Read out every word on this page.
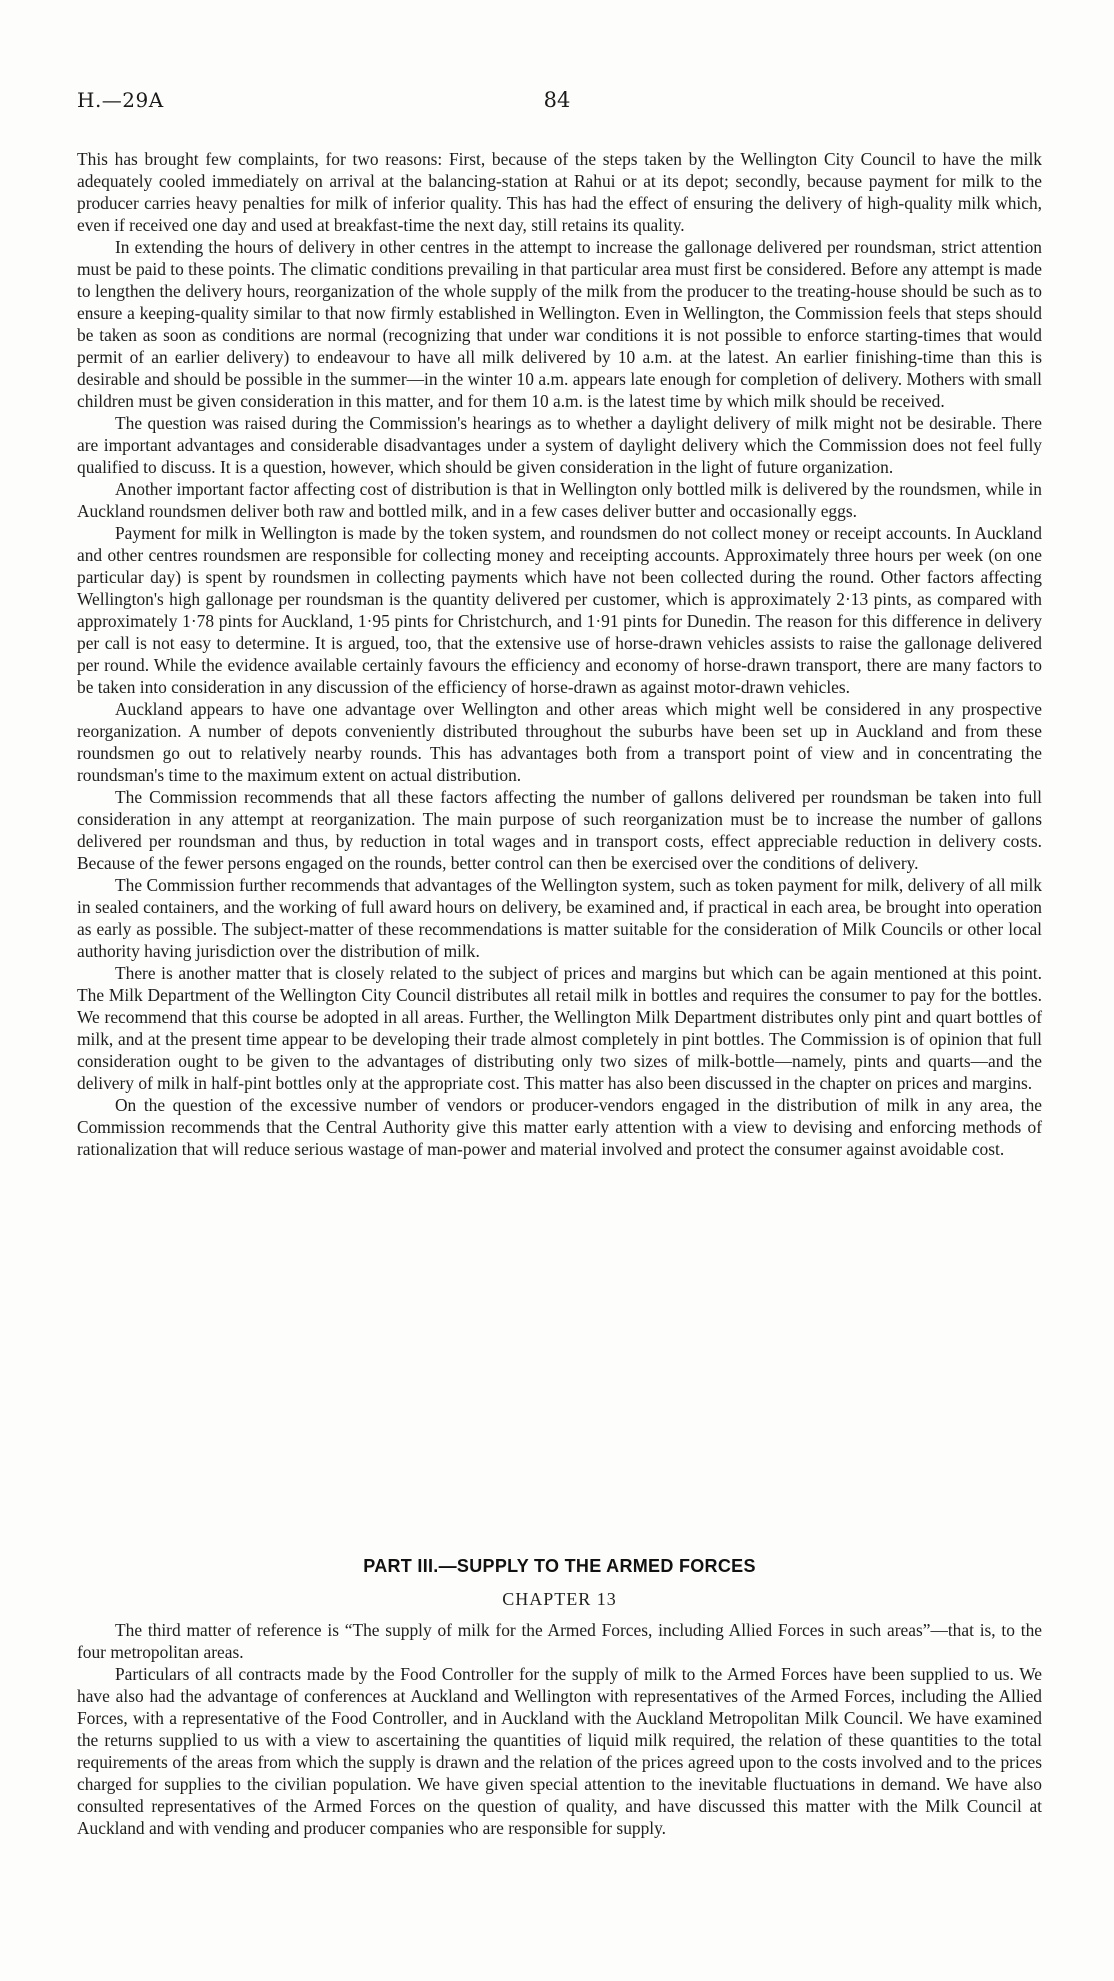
H.—29A	84

This has brought few complaints, for two reasons: First, because of the steps taken by the Wellington City Council to have the milk adequately cooled immediately on arrival at the balancing-station at Rahui or at its depot; secondly, because payment for milk to the producer carries heavy penalties for milk of inferior quality. This has had the effect of ensuring the delivery of high-quality milk which, even if received one day and used at breakfast-time the next day, still retains its quality.

In extending the hours of delivery in other centres in the attempt to increase the gallonage delivered per roundsman, strict attention must be paid to these points. The climatic conditions prevailing in that particular area must first be considered. Before any attempt is made to lengthen the delivery hours, reorganization of the whole supply of the milk from the producer to the treating-house should be such as to ensure a keeping-quality similar to that now firmly established in Wellington. Even in Wellington, the Commission feels that steps should be taken as soon as conditions are normal (recognizing that under war conditions it is not possible to enforce starting-times that would permit of an earlier delivery) to endeavour to have all milk delivered by 10 a.m. at the latest. An earlier finishing-time than this is desirable and should be possible in the summer—in the winter 10 a.m. appears late enough for completion of delivery. Mothers with small children must be given consideration in this matter, and for them 10 a.m. is the latest time by which milk should be received.

The question was raised during the Commission's hearings as to whether a daylight delivery of milk might not be desirable. There are important advantages and considerable disadvantages under a system of daylight delivery which the Commission does not feel fully qualified to discuss. It is a question, however, which should be given consideration in the light of future organization.

Another important factor affecting cost of distribution is that in Wellington only bottled milk is delivered by the roundsmen, while in Auckland roundsmen deliver both raw and bottled milk, and in a few cases deliver butter and occasionally eggs.

Payment for milk in Wellington is made by the token system, and roundsmen do not collect money or receipt accounts. In Auckland and other centres roundsmen are responsible for collecting money and receipting accounts. Approximately three hours per week (on one particular day) is spent by roundsmen in collecting payments which have not been collected during the round. Other factors affecting Wellington's high gallonage per roundsman is the quantity delivered per customer, which is approximately 2·13 pints, as compared with approximately 1·78 pints for Auckland, 1·95 pints for Christchurch, and 1·91 pints for Dunedin. The reason for this difference in delivery per call is not easy to determine. It is argued, too, that the extensive use of horse-drawn vehicles assists to raise the gallonage delivered per round. While the evidence available certainly favours the efficiency and economy of horse-drawn transport, there are many factors to be taken into consideration in any discussion of the efficiency of horse-drawn as against motor-drawn vehicles.

Auckland appears to have one advantage over Wellington and other areas which might well be considered in any prospective reorganization. A number of depots conveniently distributed throughout the suburbs have been set up in Auckland and from these roundsmen go out to relatively nearby rounds. This has advantages both from a transport point of view and in concentrating the roundsman's time to the maximum extent on actual distribution.

The Commission recommends that all these factors affecting the number of gallons delivered per roundsman be taken into full consideration in any attempt at reorganization. The main purpose of such reorganization must be to increase the number of gallons delivered per roundsman and thus, by reduction in total wages and in transport costs, effect appreciable reduction in delivery costs. Because of the fewer persons engaged on the rounds, better control can then be exercised over the conditions of delivery.

The Commission further recommends that advantages of the Wellington system, such as token payment for milk, delivery of all milk in sealed containers, and the working of full award hours on delivery, be examined and, if practical in each area, be brought into operation as early as possible. The subject-matter of these recommendations is matter suitable for the consideration of Milk Councils or other local authority having jurisdiction over the distribution of milk.

There is another matter that is closely related to the subject of prices and margins but which can be again mentioned at this point. The Milk Department of the Wellington City Council distributes all retail milk in bottles and requires the consumer to pay for the bottles. We recommend that this course be adopted in all areas. Further, the Wellington Milk Department distributes only pint and quart bottles of milk, and at the present time appear to be developing their trade almost completely in pint bottles. The Commission is of opinion that full consideration ought to be given to the advantages of distributing only two sizes of milk-bottle—namely, pints and quarts—and the delivery of milk in half-pint bottles only at the appropriate cost. This matter has also been discussed in the chapter on prices and margins.

On the question of the excessive number of vendors or producer-vendors engaged in the distribution of milk in any area, the Commission recommends that the Central Authority give this matter early attention with a view to devising and enforcing methods of rationalization that will reduce serious wastage of man-power and material involved and protect the consumer against avoidable cost.

PART III.—SUPPLY TO THE ARMED FORCES
CHAPTER 13

The third matter of reference is “The supply of milk for the Armed Forces, including Allied Forces in such areas”—that is, to the four metropolitan areas.

Particulars of all contracts made by the Food Controller for the supply of milk to the Armed Forces have been supplied to us. We have also had the advantage of conferences at Auckland and Wellington with representatives of the Armed Forces, including the Allied Forces, with a representative of the Food Controller, and in Auckland with the Auckland Metropolitan Milk Council. We have examined the returns supplied to us with a view to ascertaining the quantities of liquid milk required, the relation of these quantities to the total requirements of the areas from which the supply is drawn and the relation of the prices agreed upon to the costs involved and to the prices charged for supplies to the civilian population. We have given special attention to the inevitable fluctuations in demand. We have also consulted representatives of the Armed Forces on the question of quality, and have discussed this matter with the Milk Council at Auckland and with vending and producer companies who are responsible for supply.
